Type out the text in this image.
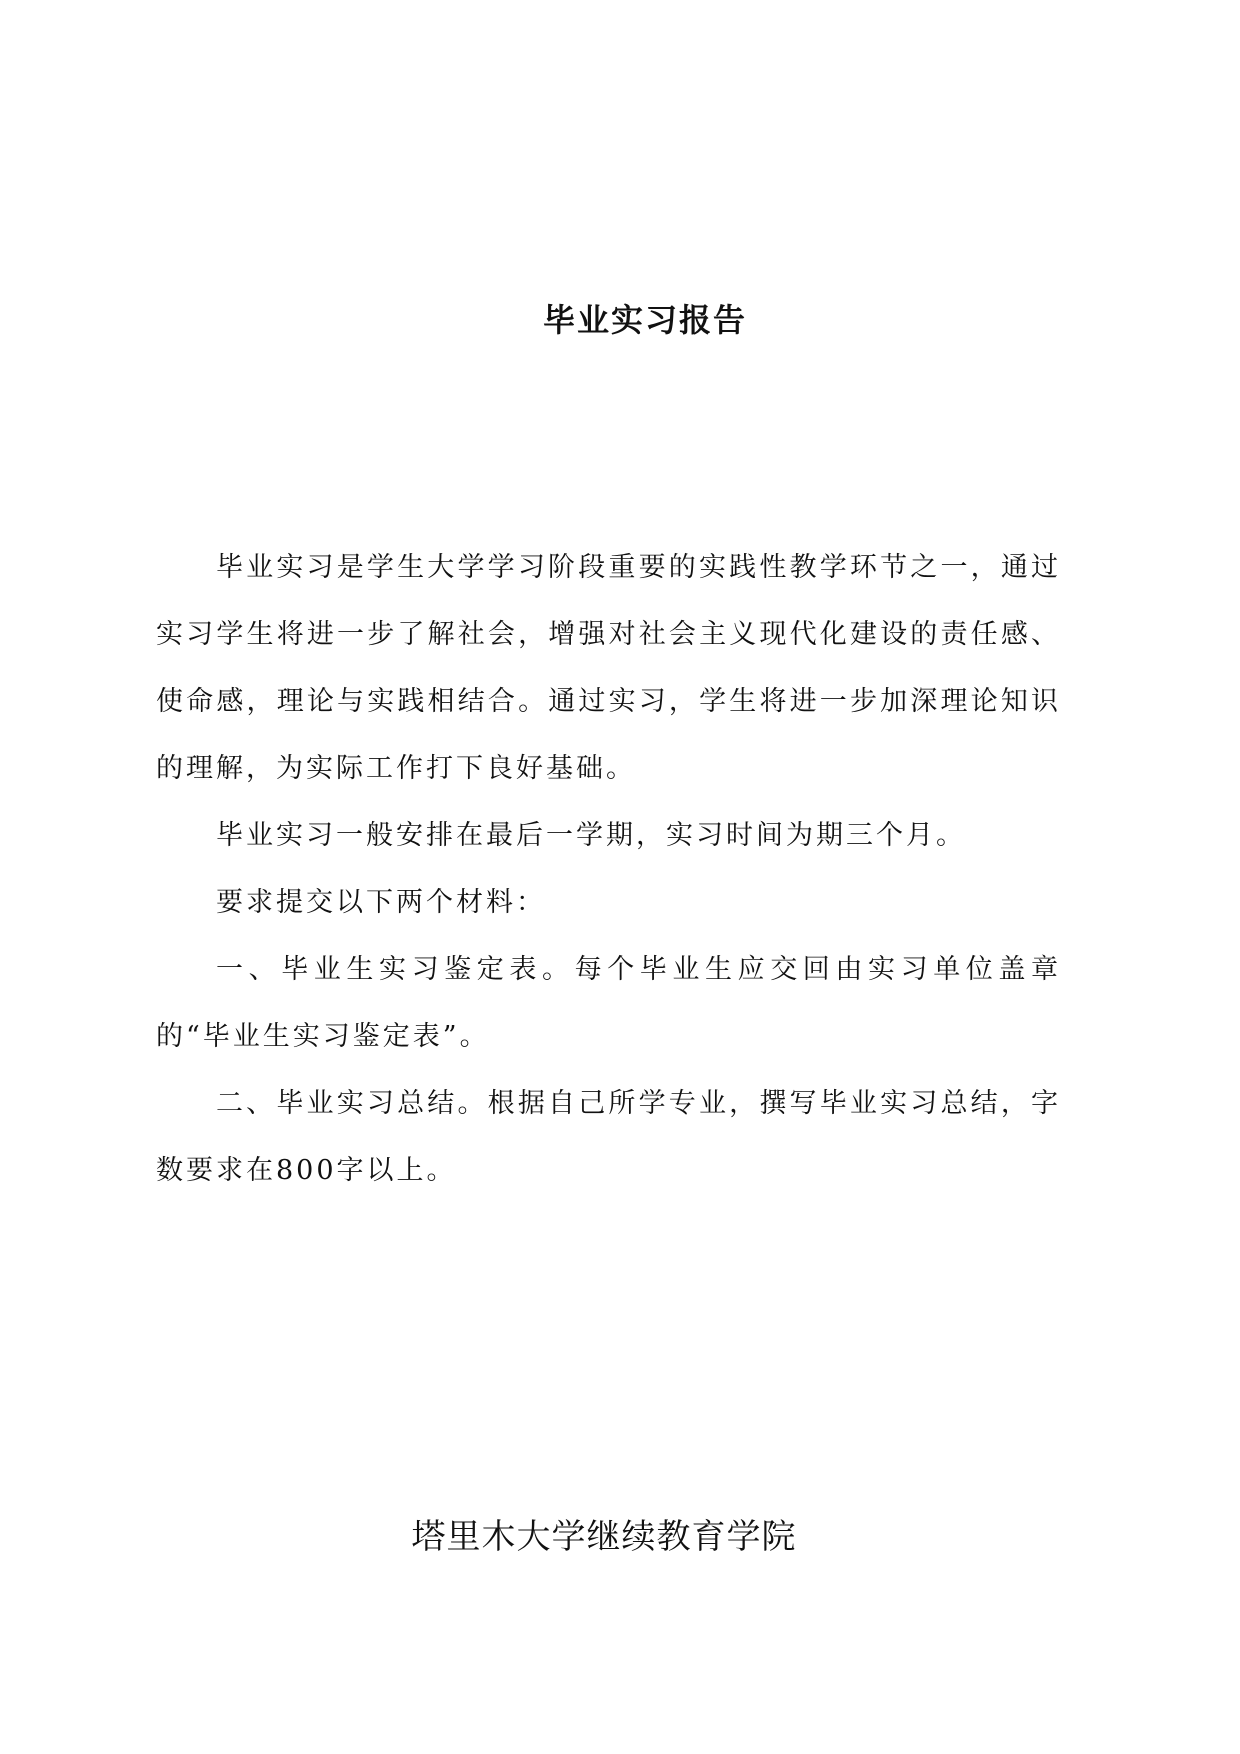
毕业实习报告

毕业实习是学生大学学习阶段重要的实践性教学环节之一，通过实习学生将进一步了解社会，增强对社会主义现代化建设的责任感、使命感，理论与实践相结合。通过实习，学生将进一步加深理论知识的理解，为实际工作打下良好基础。

毕业实习一般安排在最后一学期，实习时间为期三个月。

要求提交以下两个材料：

一、毕业生实习鉴定表。每个毕业生应交回由实习单位盖章的“毕业生实习鉴定表”。

二、毕业实习总结。根据自己所学专业，撰写毕业实习总结，字数要求在800字以上。

塔里木大学继续教育学院
